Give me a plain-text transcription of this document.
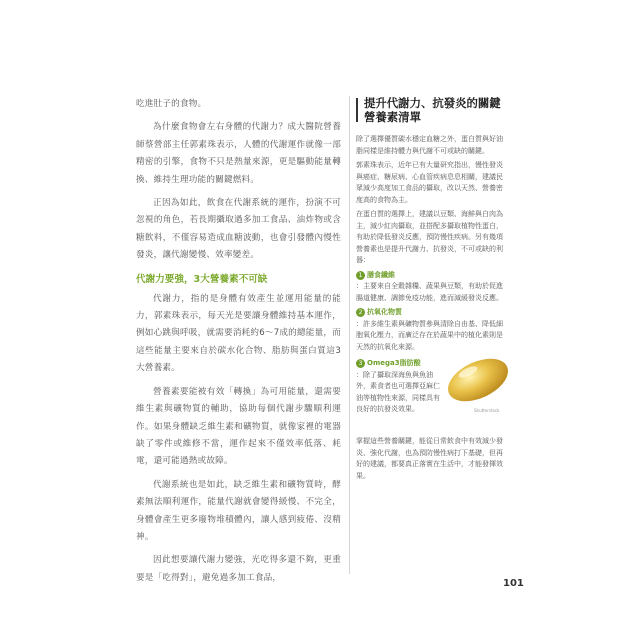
吃進肚子的食物。

為什麼食物會左右身體的代謝力？成大醫院營養師蔡營部主任郭素珠表示，人體的代謝運作就像一部精密的引擎，食物不只是熱量來源，更是驅動能量轉換、維持生理功能的關鍵燃料。

正因為如此，飲食在代謝系統的運作，扮演不可忽視的角色，若長期攝取過多加工食品、油炸物或含糖飲料，不僅容易造成血糖波動，也會引發體內慢性發炎，讓代謝變慢、效率變差。

代謝力要強，3大營養素不可缺

代謝力，指的是身體有效產生並運用能量的能力，郭素珠表示，每天光是要讓身體維持基本運作，例如心跳與呼吸，就需要消耗約6～7成的總能量，而這些能量主要來自於碳水化合物、脂肪與蛋白質這3大營養素。

營養素要能被有效「轉換」為可用能量，還需要維生素與礦物質的輔助，協助每個代謝步驟順利運作。如果身體缺乏維生素和礦物質，就像家裡的電器缺了零件或維修不當，運作起來不僅效率低落、耗電，還可能過熱或故障。

代謝系統也是如此，缺乏維生素和礦物質時，酵素無法順利運作，能量代謝就會變得緩慢、不完全，身體會產生更多廢物堆積體內，讓人感到疲倦、沒精神。

因此想要讓代謝力變強，光吃得多還不夠，更重要是「吃得對」，避免過多加工食品，

提升代謝力、抗發炎的關鍵營養素清單

除了選擇優質碳水穩定血糖之外，蛋白質與好油脂同樣是維持體力與代謝不可或缺的關鍵。

郭素珠表示，近年已有大量研究指出，慢性發炎與癌症、糖尿病、心血管疾病息息相關，建議民眾減少高度加工食品的攝取，改以天然、營養密度高的食物為主。

在蛋白質的選擇上，建議以豆類、海鮮與白肉為主，減少紅肉攝取，並搭配多攝取植物性蛋白，有助於降低發炎反應，預防慢性疾病。另有幾項營養素也是提升代謝力、抗發炎，不可或缺的利器：

1 膳食纖維

：主要來自全穀雜糧、蔬果與豆類，有助於促進腸道健康、調節免疫功能，進而減緩發炎反應。

2 抗氧化物質

：許多維生素與礦物質參與清除自由基、降低細胞氧化壓力，而廣泛存在於蔬果中的植化素則是天然的抗氧化來源。

3 Omega3脂肪酸

：除了攝取深海魚與魚油外，素食者也可選擇亞麻仁油等植物性來源，同樣具有良好的抗發炎效果。	Shutterstock

掌握這些營養關鍵，能從日常飲食中有效減少發炎、強化代謝，也為預防慢性病打下基礎，但再好的建議，都要真正落實在生活中，才能發揮效果。

101
